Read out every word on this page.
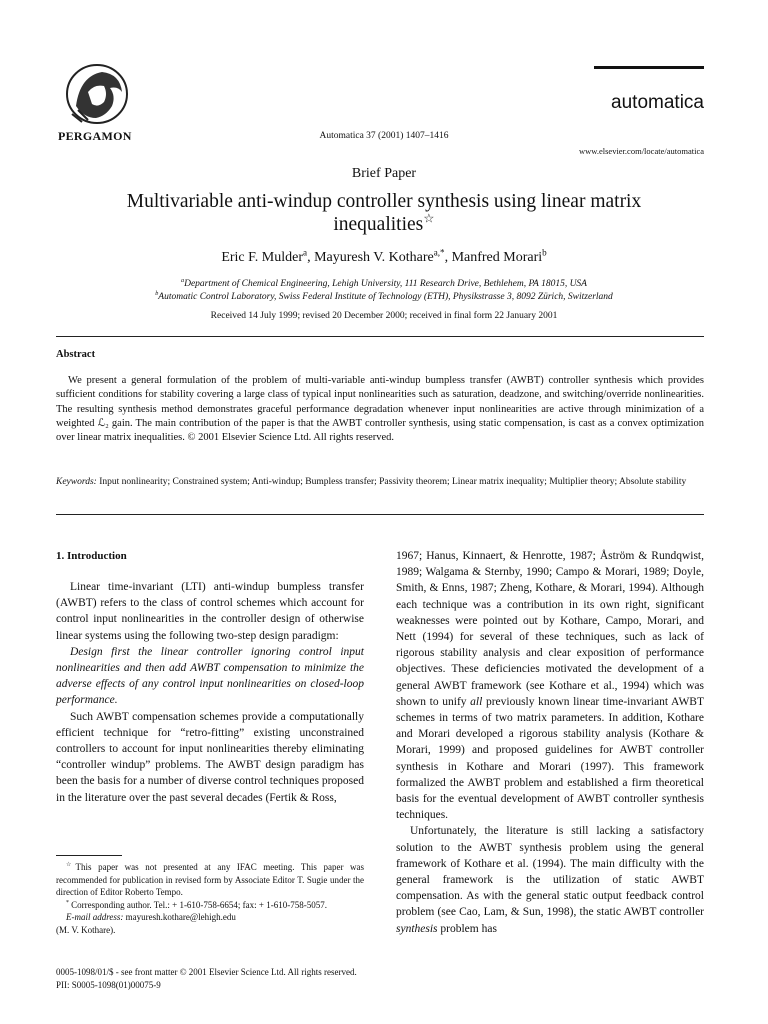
PERGAMON	Automatica 37 (2001) 1407–1416
automatica
www.elsevier.com/locate/automatica
Brief Paper
Multivariable anti-windup controller synthesis using linear matrix
inequalities☆
Eric F. Mulder$^a$, Mayuresh V. Kothare$^{a,*}$, Manfred Morari$^b$
$^a$Department of Chemical Engineering, Lehigh University, 111 Research Drive, Bethlehem, PA 18015, USA
$^b$Automatic Control Laboratory, Swiss Federal Institute of Technology (ETH), Physikstrasse 3, 8092 Zürich, Switzerland
Received 14 July 1999; revised 20 December 2000; received in final form 22 January 2001
Abstract

We present a general formulation of the problem of multi-variable anti-windup bumpless transfer (AWBT) controller synthesis which provides sufficient conditions for stability covering a large class of typical input nonlinearities such as saturation, deadzone, and switching/override nonlinearities. The resulting synthesis method demonstrates graceful performance degradation whenever input nonlinearities are active through minimization of a weighted ℒ₂ gain. The main contribution of the paper is that the AWBT controller synthesis, using static compensation, is cast as a convex optimization over linear matrix inequalities. © 2001 Elsevier Science Ltd. All rights reserved.

Keywords: Input nonlinearity; Constrained system; Anti-windup; Bumpless transfer; Passivity theorem; Linear matrix inequality; Multiplier theory; Absolute stability

1. Introduction

Linear time-invariant (LTI) anti-windup bumpless transfer (AWBT) refers to the class of control schemes which account for control input nonlinearities in the controller design of otherwise linear systems using the following two-step design paradigm:

Design first the linear controller ignoring control input nonlinearities and then add AWBT compensation to minimize the adverse effects of any control input nonlinearities on closed-loop performance.

Such AWBT compensation schemes provide a computationally efficient technique for “retro-fitting” existing unconstrained controllers to account for input nonlinearities thereby eliminating “controller windup” problems. The AWBT design paradigm has been the basis for a number of diverse control techniques proposed in the literature over the past several decades (Fertik & Ross,

1967; Hanus, Kinnaert, & Henrotte, 1987; Åström & Rundqwist, 1989; Walgama & Sternby, 1990; Campo & Morari, 1989; Doyle, Smith, & Enns, 1987; Zheng, Kothare, & Morari, 1994). Although each technique was a contribution in its own right, significant weaknesses were pointed out by Kothare, Campo, Morari, and Nett (1994) for several of these techniques, such as lack of rigorous stability analysis and clear exposition of performance objectives. These deficiencies motivated the development of a general AWBT framework (see Kothare et al., 1994) which was shown to unify all previously known linear time-invariant AWBT schemes in terms of two matrix parameters. In addition, Kothare and Morari developed a rigorous stability analysis (Kothare & Morari, 1999) and proposed guidelines for AWBT controller synthesis in Kothare and Morari (1997). This framework formalized the AWBT problem and established a firm theoretical basis for the eventual development of AWBT controller synthesis techniques.

Unfortunately, the literature is still lacking a satisfactory solution to the AWBT synthesis problem using the general framework of Kothare et al. (1994). The main difficulty with the general framework is the utilization of static AWBT compensation. As with the general static output feedback control problem (see Cao, Lam, & Sun, 1998), the static AWBT controller synthesis problem has

☆This paper was not presented at any IFAC meeting. This paper was recommended for publication in revised form by Associate Editor T. Sugie under the direction of Editor Roberto Tempo.

* Corresponding author. Tel.: + 1-610-758-6654; fax: + 1-610-758-5057.

E-mail address: mayuresh.kothare@lehigh.edu

(M. V. Kothare).

0005-1098/01/$ - see front matter © 2001 Elsevier Science Ltd. All rights reserved.
PII: S0005-1098(01)00075-9
